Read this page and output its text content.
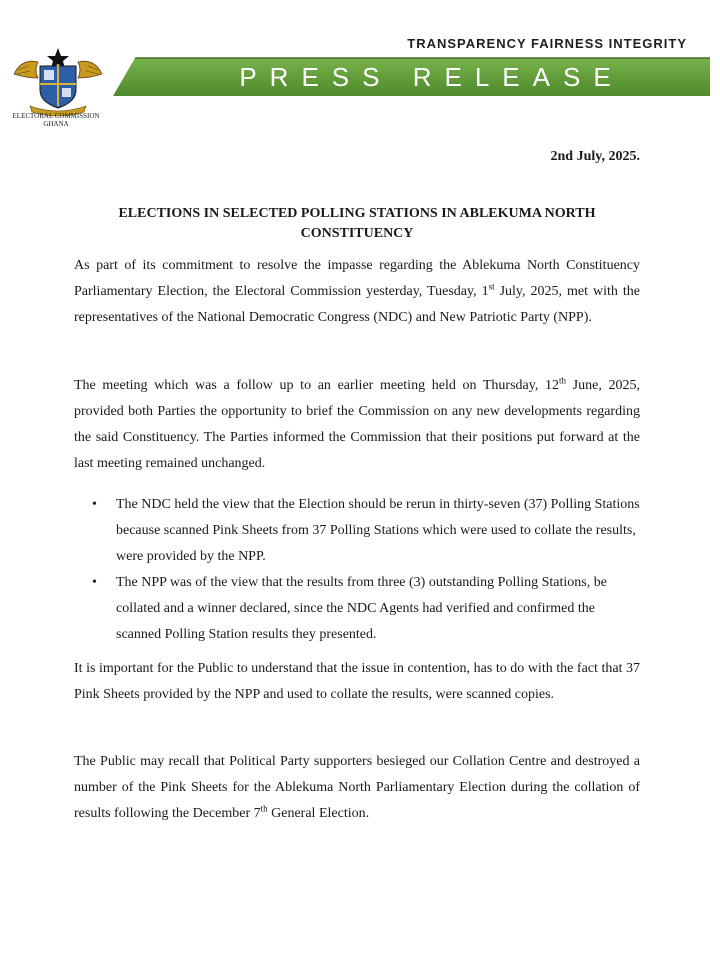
ELECTORAL COMMISSION
GHANA
TRANSPARENCY FAIRNESS INTEGRITY
PRESS RELEASE
2nd July, 2025.
ELECTIONS IN SELECTED POLLING STATIONS IN ABLEKUMA NORTH CONSTITUENCY

As part of its commitment to resolve the impasse regarding the Ablekuma North Constituency Parliamentary Election, the Electoral Commission yesterday, Tuesday, 1st July, 2025, met with the representatives of the National Democratic Congress (NDC) and New Patriotic Party (NPP).

The meeting which was a follow up to an earlier meeting held on Thursday, 12th June, 2025, provided both Parties the opportunity to brief the Commission on any new developments regarding the said Constituency. The Parties informed the Commission that their positions put forward at the last meeting remained unchanged.

• The NDC held the view that the Election should be rerun in thirty-seven (37) Polling Stations because scanned Pink Sheets from 37 Polling Stations which were used to collate the results, were provided by the NPP.
• The NPP was of the view that the results from three (3) outstanding Polling Stations, be collated and a winner declared, since the NDC Agents had verified and confirmed the scanned Polling Station results they presented.

It is important for the Public to understand that the issue in contention, has to do with the fact that 37 Pink Sheets provided by the NPP and used to collate the results, were scanned copies.

The Public may recall that Political Party supporters besieged our Collation Centre and destroyed a number of the Pink Sheets for the Ablekuma North Parliamentary Election during the collation of results following the December 7th General Election.
